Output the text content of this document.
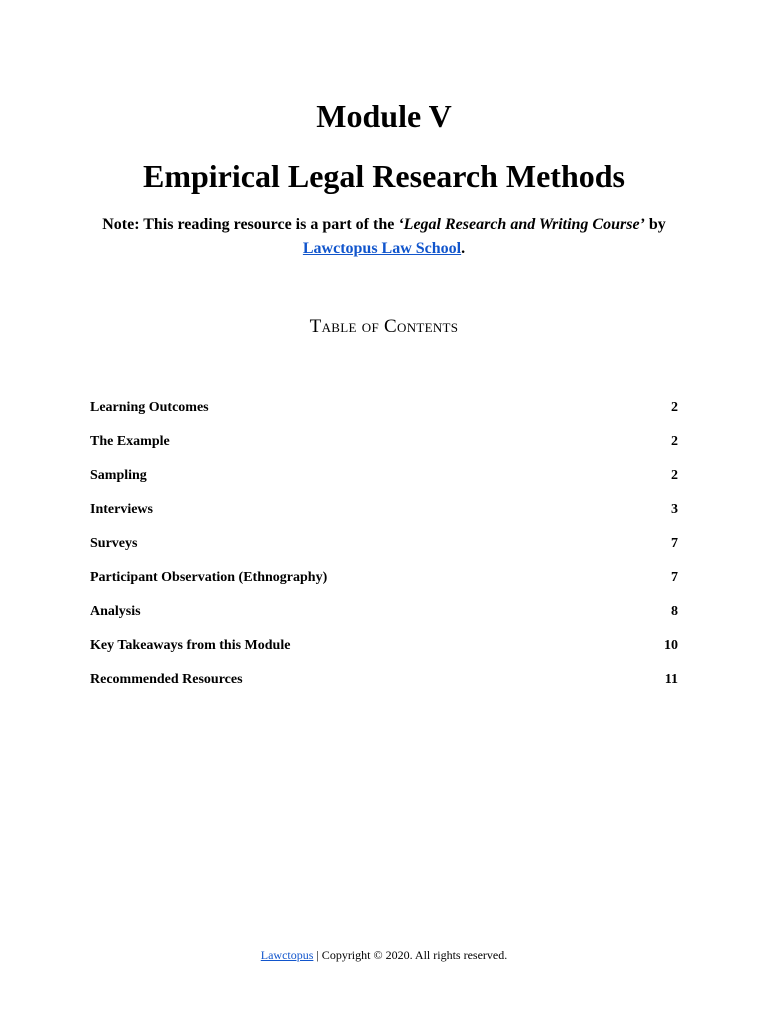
Module V
Empirical Legal Research Methods
Note: This reading resource is a part of the ‘Legal Research and Writing Course’ by
Lawctopus Law School.
Table of Contents
Learning Outcomes	2
The Example	2
Sampling	2
Interviews	3
Surveys	7
Participant Observation (Ethnography)	7
Analysis	8
Key Takeaways from this Module	10
Recommended Resources	11
Lawctopus | Copyright © 2020. All rights reserved.
